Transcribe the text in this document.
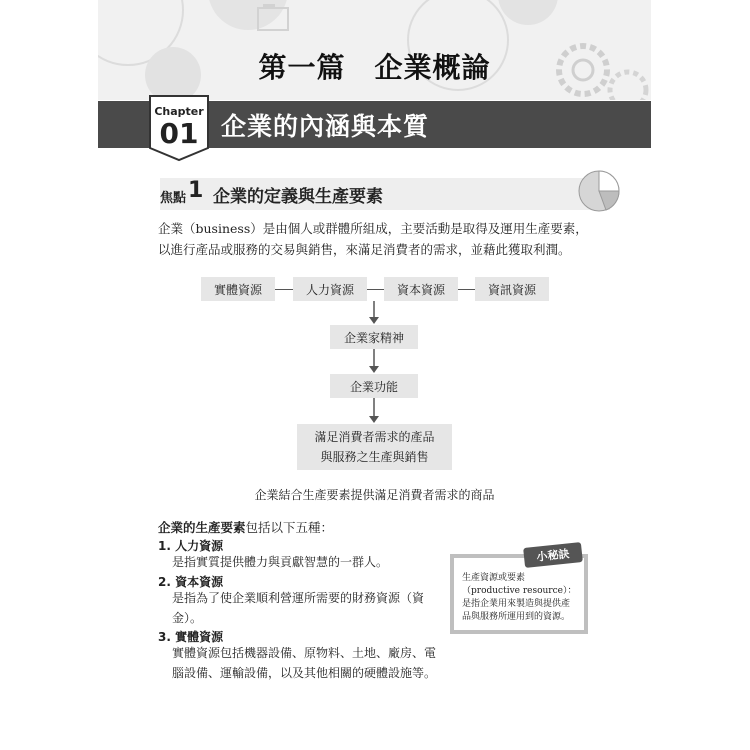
第一篇　企業概論
Chapter
01 企業的內涵與本質
焦點 1 企業的定義與生產要素

企業（business）是由個人或群體所組成，主要活動是取得及運用生產要素，以進行產品或服務的交易與銷售，來滿足消費者的需求，並藉此獲取利潤。

實體資源	人力資源	資本資源	資訊資源
企業家精神
企業功能
滿足消費者需求的產品
與服務之生產與銷售

企業結合生產要素提供滿足消費者需求的商品

企業的生產要素包括以下五種：

1. 人力資源

是指實質提供體力與貢獻智慧的一群人。

2. 資本資源

是指為了使企業順利營運所需要的財務資源（資金）。

3. 實體資源

實體資源包括機器設備、原物料、土地、廠房、電腦設備、運輸設備，以及其他相關的硬體設施等。

生產資源或要素（productive resource）：是指企業用來製造與提供產品與服務所運用到的資源。
小秘訣
